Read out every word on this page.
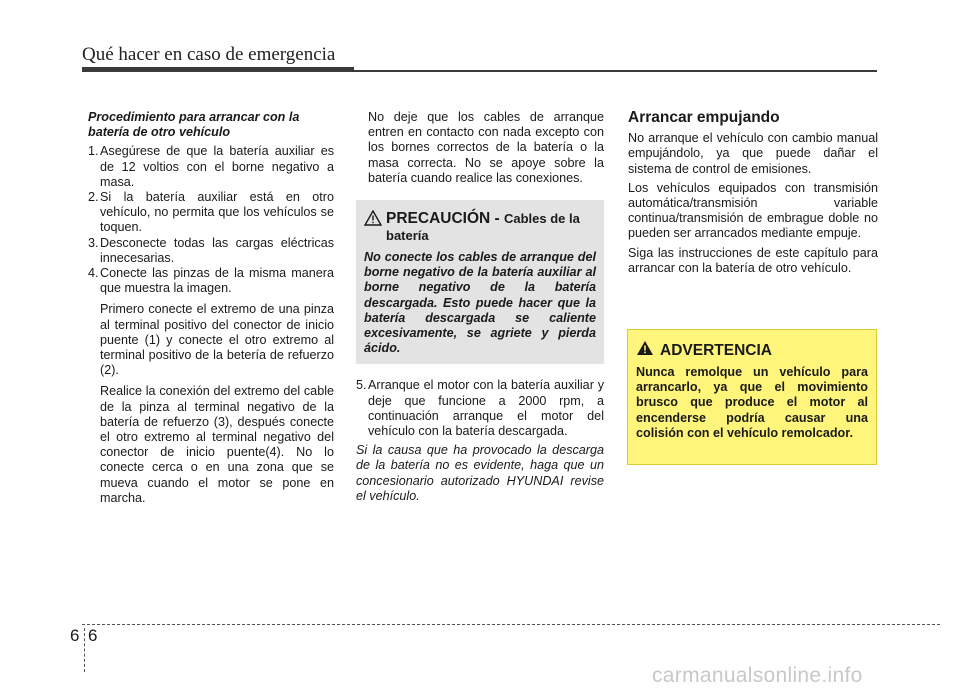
Qué hacer en caso de emergencia
Procedimiento para arrancar con la batería de otro vehículo
1. Asegúrese de que la batería auxiliar es de 12 voltios con el borne negativo a masa.
2. Si la batería auxiliar está en otro vehículo, no permita que los vehículos se toquen.
3. Desconecte todas las cargas eléctricas innecesarias.
4. Conecte las pinzas de la misma manera que muestra la imagen.
Primero conecte el extremo de una pinza al terminal positivo del conector de inicio puente (1) y conecte el otro extremo al terminal positivo de la betería de refuerzo (2).
Realice la conexión del extremo del cable de la pinza al terminal negativo de la batería de refuerzo (3), después conecte el otro extremo al terminal negativo del conector de inicio puente(4). No lo conecte cerca o en una zona que se mueva cuando el motor se pone en marcha.
No deje que los cables de arranque entren en contacto con nada excepto con los bornes correctos de la batería o la masa correcta. No se apoye sobre la batería cuando realice las conexiones.
PRECAUCIÓN - Cables de la batería
No conecte los cables de arranque del borne negativo de la batería auxiliar al borne negativo de la batería descargada. Esto puede hacer que la batería descargada se caliente excesivamente, se agriete y pierda ácido.
5. Arranque el motor con la batería auxiliar y deje que funcione a 2000 rpm, a continuación arranque el motor del vehículo con la batería descargada.
Si la causa que ha provocado la descarga de la batería no es evidente, haga que un concesionario autorizado HYUNDAI revise el vehículo.
Arrancar empujando
No arranque el vehículo con cambio manual empujándolo, ya que puede dañar el sistema de control de emisiones.
Los vehículos equipados con transmisión automática/transmisión variable continua/transmisión de embrague doble no pueden ser arrancados mediante empuje.
Siga las instrucciones de este capítulo para arrancar con la batería de otro vehículo.
ADVERTENCIA
Nunca remolque un vehículo para arrancarlo, ya que el movimiento brusco que produce el motor al encenderse podría causar una colisión con el vehículo remolcador.
6 6
carmanualsonline.info
